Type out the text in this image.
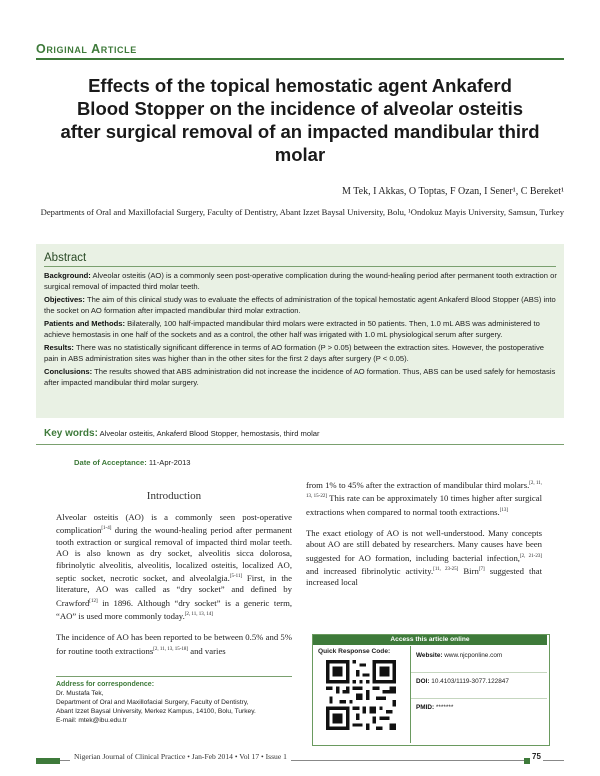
Original Article
Effects of the topical hemostatic agent Ankaferd Blood Stopper on the incidence of alveolar osteitis after surgical removal of an impacted mandibular third molar
M Tek, I Akkas, O Toptas, F Ozan, I Sener¹, C Bereket¹
Departments of Oral and Maxillofacial Surgery, Faculty of Dentistry, Abant Izzet Baysal University, Bolu, ¹Ondokuz Mayis University, Samsun, Turkey
Abstract

Background: Alveolar osteitis (AO) is a commonly seen post-operative complication during the wound-healing period after permanent tooth extraction or surgical removal of impacted third molar teeth.

Objectives: The aim of this clinical study was to evaluate the effects of administration of the topical hemostatic agent Ankaferd Blood Stopper (ABS) into the socket on AO formation after impacted mandibular third molar extraction.

Patients and Methods: Bilaterally, 100 half-impacted mandibular third molars were extracted in 50 patients. Then, 1.0 mL ABS was administered to achieve hemostasis in one half of the sockets and as a control, the other half was irrigated with 1.0 mL physiological serum after surgery.

Results: There was no statistically significant difference in terms of AO formation (P > 0.05) between the extraction sites. However, the postoperative pain in ABS administration sites was higher than in the other sites for the first 2 days after surgery (P < 0.05).

Conclusions: The results showed that ABS administration did not increase the incidence of AO formation. Thus, ABS can be used safely for hemostasis after impacted mandibular third molar surgery.

Key words: Alveolar osteitis, Ankaferd Blood Stopper, hemostasis, third molar
Date of Acceptance: 11-Apr-2013
Introduction

Alveolar osteitis (AO) is a commonly seen post-operative complication[1-4] during the wound-healing period after permanent tooth extraction or surgical removal of impacted third molar teeth. AO is also known as dry socket, alveolitis sicca dolorosa, fibrinolytic alveolitis, alveolitis, localized osteitis, localized AO, septic socket, necrotic socket, and alveolalgia.[5-11] First, in the literature, AO was called as “dry socket” and defined by Crawford[12] in 1896. Although “dry socket” is a generic term, “AO” is used more commonly today.[2, 11, 13, 14]

The incidence of AO has been reported to be between 0.5% and 5% for routine tooth extractions[2, 11, 13, 15-18] and varies

from 1% to 45% after the extraction of mandibular third molars.[2, 11, 13, 15-22] This rate can be approximately 10 times higher after surgical extractions when compared to normal tooth extractions.[13]

The exact etiology of AO is not well-understood. Many concepts about AO are still debated by researchers. Many causes have been suggested for AO formation, including bacterial infection,[2, 21-23] and increased fibrinolytic activity.[11, 23-25] Birn[7] suggested that increased local

Address for correspondence:
Dr. Mustafa Tek,
Department of Oral and Maxillofacial Surgery, Faculty of Dentistry,
Abant Izzet Baysal University, Merkez Kampus, 14100, Bolu, Turkey.
E-mail: mtek@ibu.edu.tr
Access this article online
Quick Response Code:
Website: www.njcponline.com
DOI: 10.4103/1119-3077.122847
PMID: *******
Nigerian Journal of Clinical Practice • Jan-Feb 2014 • Vol 17 • Issue 1	75
